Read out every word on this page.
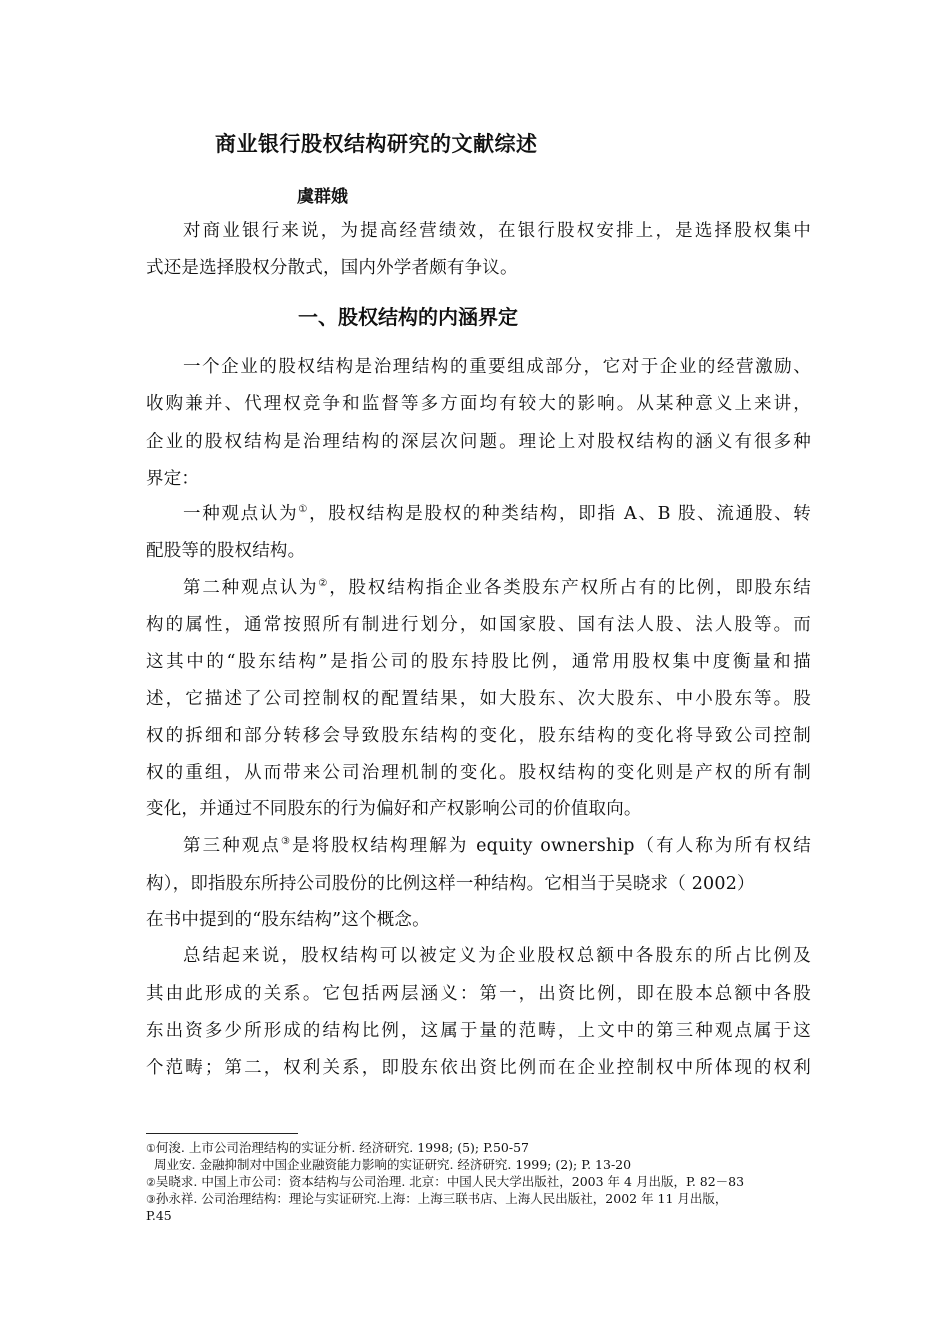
商业银行股权结构研究的文献综述
虞群娥
对商业银行来说，为提高经营绩效，在银行股权安排上，是选择股权集中
式还是选择股权分散式，国内外学者颇有争议。
一、股权结构的内涵界定
一个企业的股权结构是治理结构的重要组成部分，它对于企业的经营激励、
收购兼并、代理权竞争和监督等多方面均有较大的影响。从某种意义上来讲，
企业的股权结构是治理结构的深层次问题。理论上对股权结构的涵义有很多种
界定：
一种观点认为①，股权结构是股权的种类结构，即指 A、B 股、流通股、转
配股等的股权结构。
第二种观点认为②，股权结构指企业各类股东产权所占有的比例，即股东结
构的属性，通常按照所有制进行划分，如国家股、国有法人股、法人股等。而
这其中的“股东结构”是指公司的股东持股比例，通常用股权集中度衡量和描
述，它描述了公司控制权的配置结果，如大股东、次大股东、中小股东等。股
权的拆细和部分转移会导致股东结构的变化，股东结构的变化将导致公司控制
权的重组，从而带来公司治理机制的变化。股权结构的变化则是产权的所有制
变化，并通过不同股东的行为偏好和产权影响公司的价值取向。
第三种观点③是将股权结构理解为 equity ownership（有人称为所有权结
构），即指股东所持公司股份的比例这样一种结构。它相当于吴晓求（ 2002）
在书中提到的“股东结构”这个概念。
总结起来说，股权结构可以被定义为企业股权总额中各股东的所占比例及
其由此形成的关系。它包括两层涵义：第一，出资比例，即在股本总额中各股
东出资多少所形成的结构比例，这属于量的范畴，上文中的第三种观点属于这
个范畴；第二，权利关系，即股东依出资比例而在企业控制权中所体现的权利
①何浚. 上市公司治理结构的实证分析. 经济研究. 1998; (5); P.50-57
周业安. 金融抑制对中国企业融资能力影响的实证研究. 经济研究. 1999; (2); P. 13-20
②吴晓求. 中国上市公司：资本结构与公司治理. 北京：中国人民大学出版社，2003 年 4 月出版，P. 82－83
③孙永祥. 公司治理结构：理论与实证研究.上海：上海三联书店、上海人民出版社，2002 年 11 月出版，
P.45
